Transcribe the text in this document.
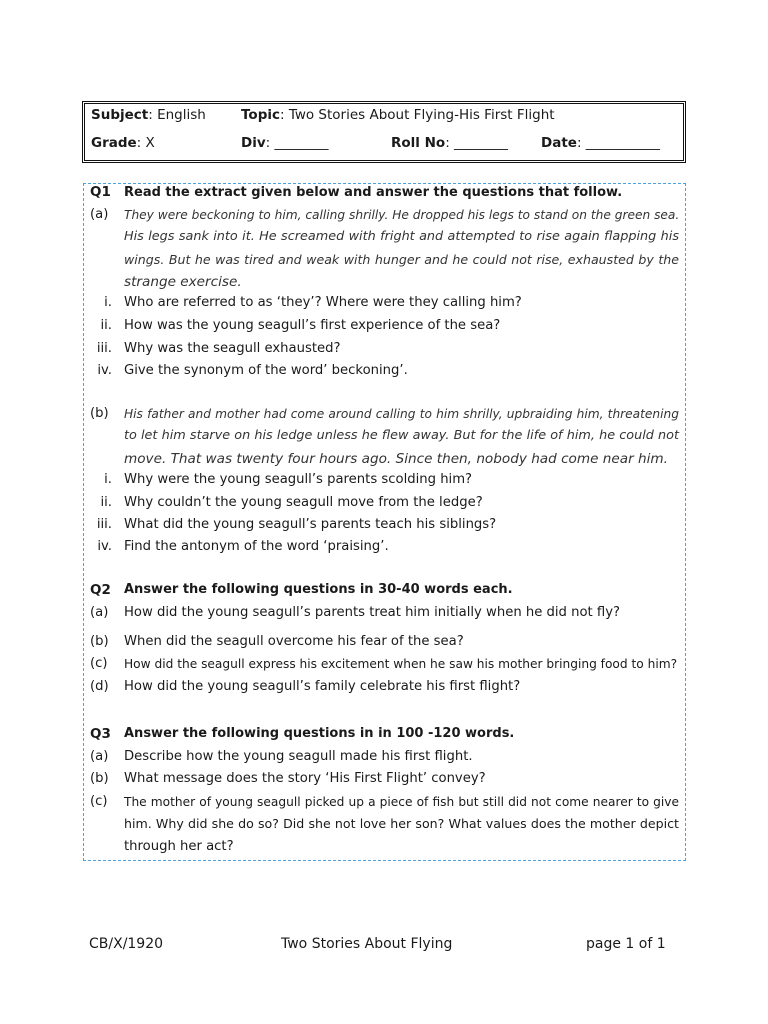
Subject: English	Topic: Two Stories About Flying-His First Flight
Grade: X	Div: ________	Roll No: ________ Date: ___________
Q1 Read the extract given below and answer the questions that follow.
(a) They were beckoning to him, calling shrilly. He dropped his legs to stand on the green sea.
His legs sank into it. He screamed with fright and attempted to rise again flapping his
wings. But he was tired and weak with hunger and he could not rise, exhausted by the
strange exercise.
i. Who are referred to as ‘they’? Where were they calling him?
ii. How was the young seagull’s first experience of the sea?
iii. Why was the seagull exhausted?
iv. Give the synonym of the word’ beckoning’.
(b) His father and mother had come around calling to him shrilly, upbraiding him, threatening
to let him starve on his ledge unless he flew away. But for the life of him, he could not
move. That was twenty four hours ago. Since then, nobody had come near him.
i. Why were the young seagull’s parents scolding him?
ii. Why couldn’t the young seagull move from the ledge?
iii. What did the young seagull’s parents teach his siblings?
iv. Find the antonym of the word ‘praising’.
Q2 Answer the following questions in 30-40 words each.
(a) How did the young seagull’s parents treat him initially when he did not fly?
(b) When did the seagull overcome his fear of the sea?
(c) How did the seagull express his excitement when he saw his mother bringing food to him?
(d) How did the young seagull’s family celebrate his first flight?
Q3 Answer the following questions in in 100 -120 words.
(a) Describe how the young seagull made his first flight.
(b) What message does the story ‘His First Flight’ convey?
(c) The mother of young seagull picked up a piece of fish but still did not come nearer to give
him. Why did she do so? Did she not love her son? What values does the mother depict
through her act?
CB/X/1920	Two Stories About Flying	page 1 of 1
